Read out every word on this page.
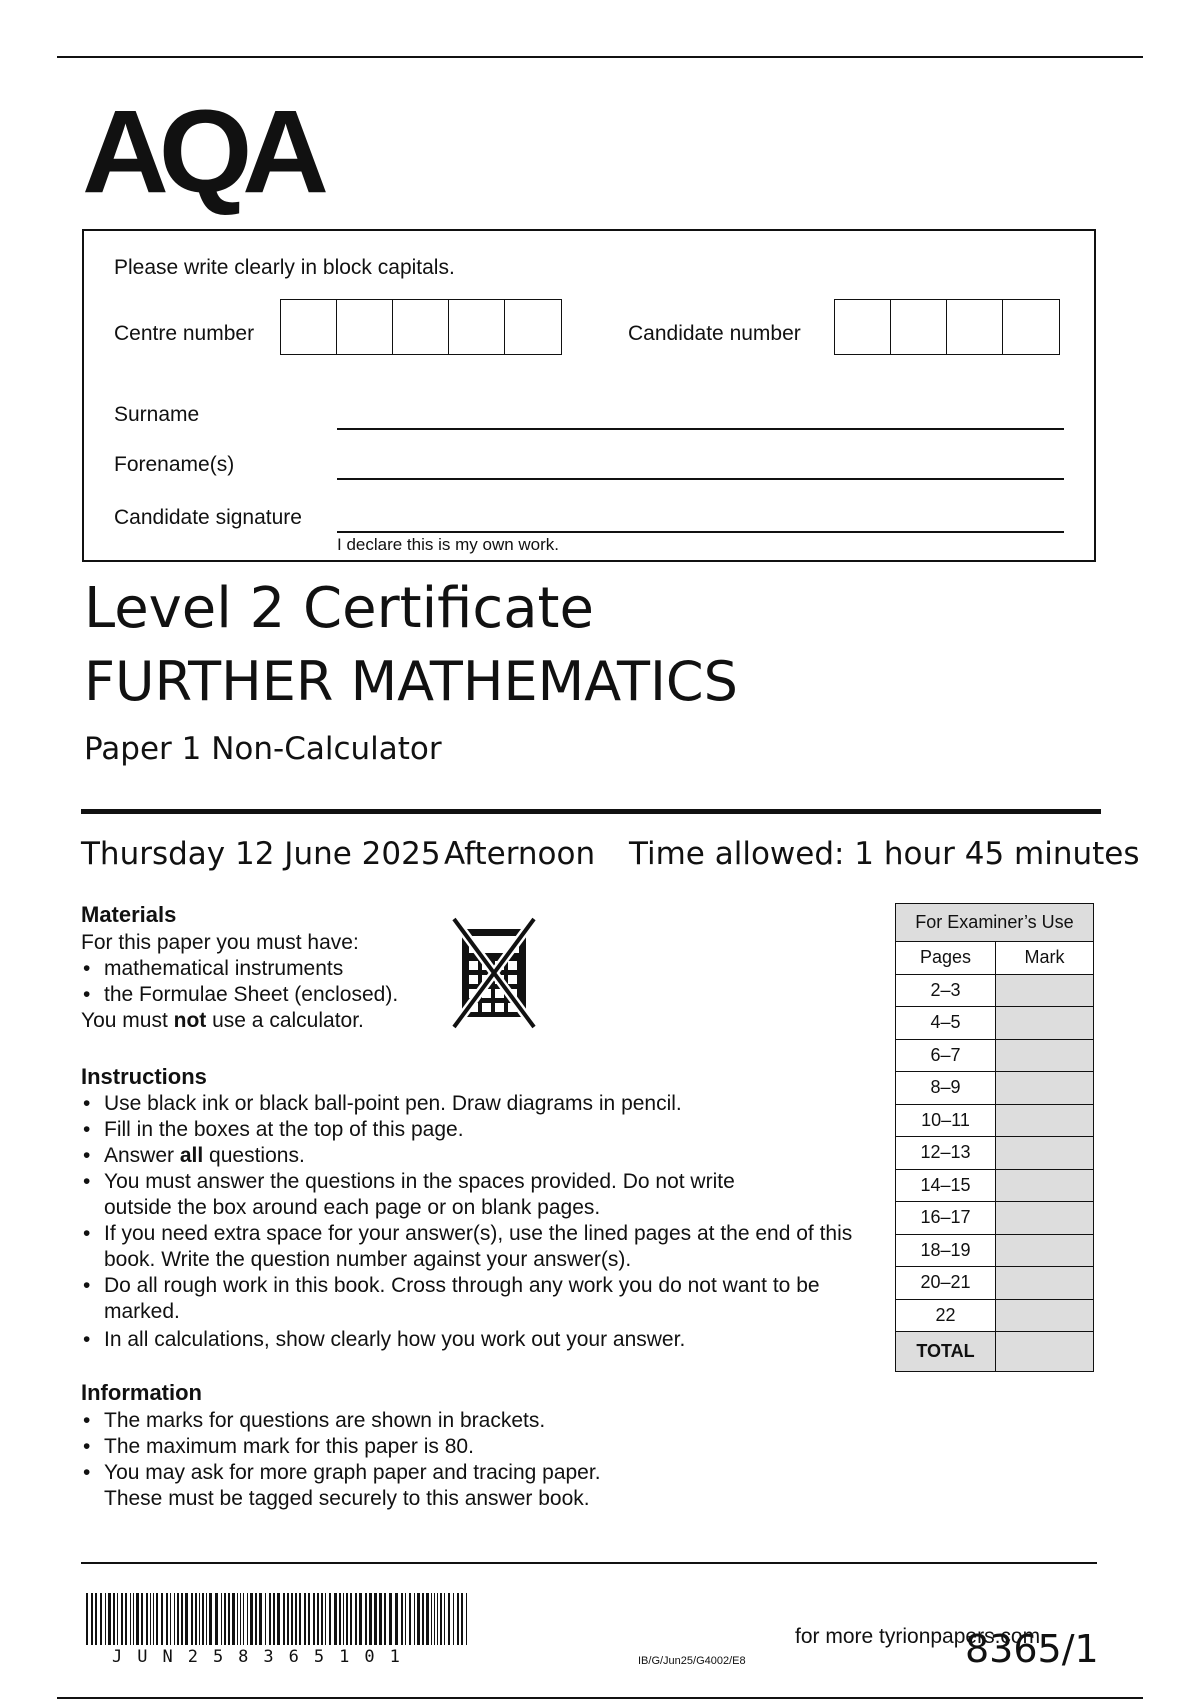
AQA
Please write clearly in block capitals.
Centre number	Candidate number
Surname
Forename(s)
Candidate signature
I declare this is my own work.
Level 2 Certificate
FURTHER MATHEMATICS
Paper 1 Non-Calculator
Thursday 12 June 2025 Afternoon Time allowed: 1 hour 45 minutes
Materials
For this paper you must have:
• mathematical instruments
• the Formulae Sheet (enclosed).
You must not use a calculator.
Instructions
• Use black ink or black ball-point pen. Draw diagrams in pencil.
• Fill in the boxes at the top of this page.
• Answer all questions.
• You must answer the questions in the spaces provided. Do not write outside the box around each page or on blank pages.
• If you need extra space for your answer(s), use the lined pages at the end of this book. Write the question number against your answer(s).
• Do all rough work in this book. Cross through any work you do not want to be marked.
• In all calculations, show clearly how you work out your answer.
Information
• The marks for questions are shown in brackets.
• The maximum mark for this paper is 80.
• You may ask for more graph paper and tracing paper. These must be tagged securely to this answer book.
For Examiner’s Use	
Pages	Mark
2–3	
4–5	
6–7	
8–9	
10–11	
12–13	
14–15	
16–17	
18–19	
20–21	
22	
TOTAL	
JUN258365101	IB/G/Jun25/G4002/E8
for more tyrionpapers.com
8365/1
